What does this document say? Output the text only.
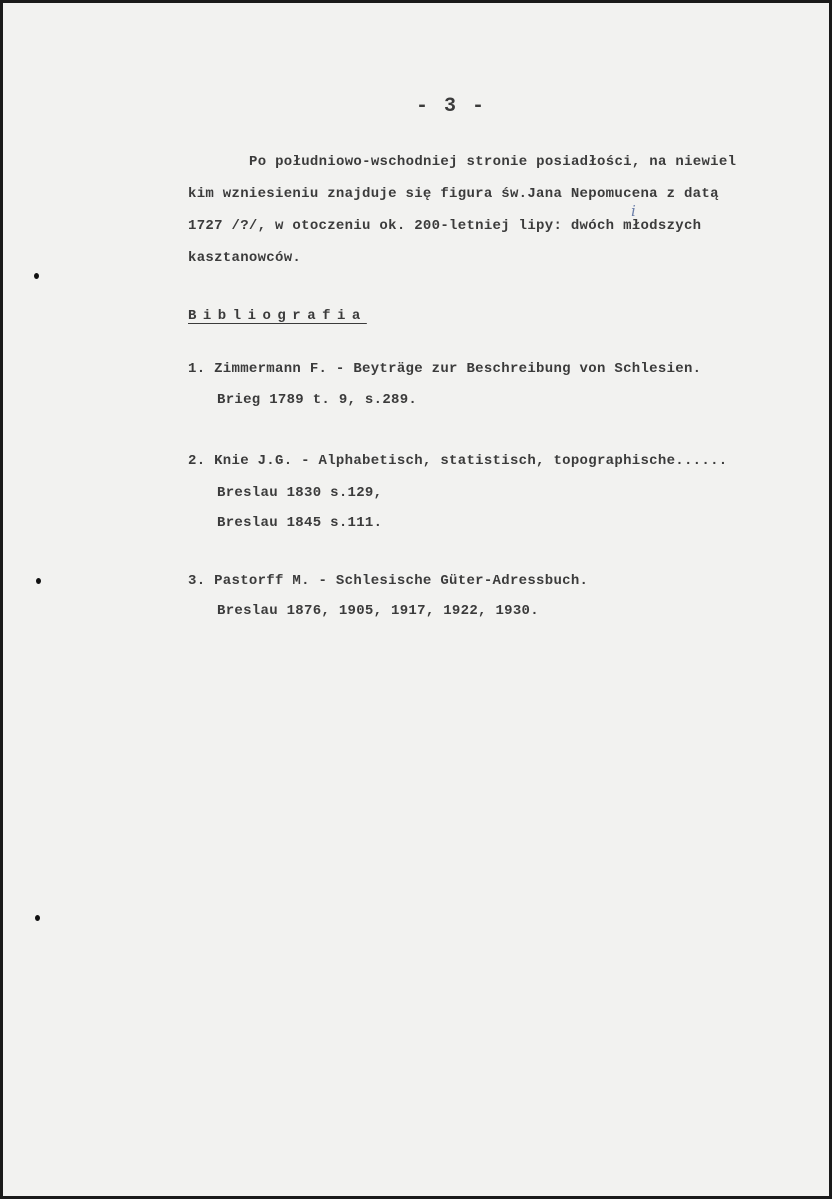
- 3 -
Po południowo-wschodniej stronie posiadłości, na niewiel
kim wzniesieniu znajduje się figura św.Jana Nepomucena z datą
1727 /?/, w otoczeniu ok. 200-letniej lipy: dwóch młodszych
kasztanowców.
i
Bibliografia
1. Zimmermann F. - Beyträge zur Beschreibung von Schlesien.
Brieg 1789 t. 9, s.289.
2. Knie J.G. - Alphabetisch, statistisch, topographische......
Breslau 1830 s.129,
Breslau 1845 s.111.
3. Pastorff M. - Schlesische Güter-Adressbuch.
Breslau 1876, 1905, 1917, 1922, 1930.
